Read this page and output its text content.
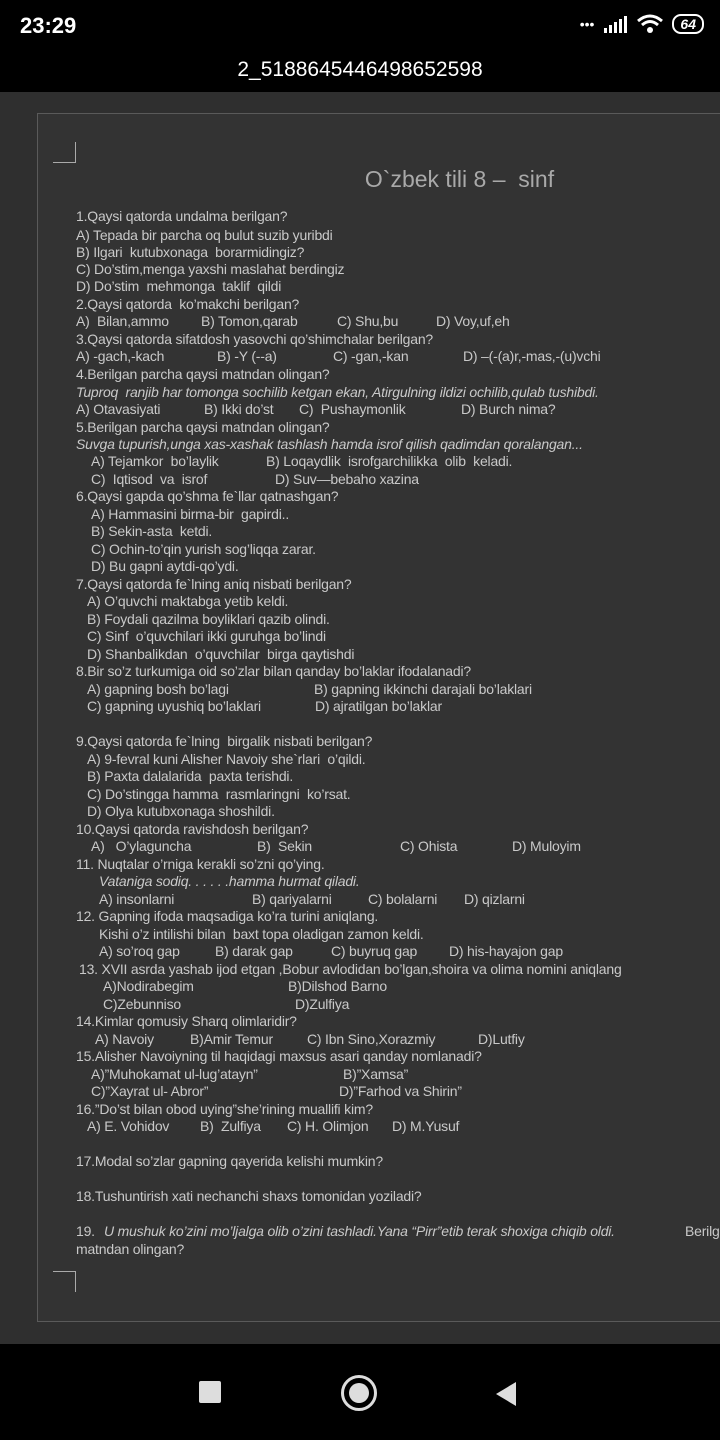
23:29	•••	64
2_5188645446498652598
O`zbek tili 8 –  sinf
1.Qaysi qatorda undalma berilgan?
A) Tepada bir parcha oq bulut suzib yuribdi
B) Ilgari  kutubxonaga  borarmidingiz?
C) Do’stim,menga yaxshi maslahat berdingiz
D) Do’stim  mehmonga  taklif  qildi
2.Qaysi qatorda  ko’makchi berilgan?
A)  Bilan,ammo B) Tomon,qarab	C) Shu,bu	D) Voy,uf,eh
3.Qaysi qatorda sifatdosh yasovchi qo’shimchalar berilgan?
A) -gach,-kach	B) -Y (--a)	C) -gan,-kan	D) –(-(a)r,-mas,-(u)vchi
4.Berilgan parcha qaysi matndan olingan?
Tuproq  ranjib har tomonga sochilib ketgan ekan, Atirgulning ildizi ochilib,qulab tushibdi.
A) Otavasiyati	B) Ikki do’st C)  Pushaymonlik	D) Burch nima?
5.Berilgan parcha qaysi matndan olingan?
Suvga tupurish,unga xas-xashak tashlash hamda isrof qilish qadimdan qoralangan...
A) Tejamkor  bo’laylik	B) Loqaydlik  isrofgarchilikka  olib  keladi.
C)  Iqtisod  va  isrof	D) Suv—bebaho xazina
6.Qaysi gapda qo’shma fe`llar qatnashgan?
A) Hammasini birma-bir  gapirdi..
B) Sekin-asta  ketdi.
C) Ochin-to’qin yurish sog’liqqa zarar.
D) Bu gapni aytdi-qo’ydi.
7.Qaysi qatorda fe`lning aniq nisbati berilgan?
A) O’quvchi maktabga yetib keldi.
B) Foydali qazilma boyliklari qazib olindi.
C) Sinf  o’quvchilari ikki guruhga bo’lindi
D) Shanbalikdan  o’quvchilar  birga qaytishdi
8.Bir so’z turkumiga oid so’zlar bilan qanday bo’laklar ifodalanadi?
A) gapning bosh bo’lagi	B) gapning ikkinchi darajali bo’laklari
C) gapning uyushiq bo’laklari	D) ajratilgan bo’laklar
9.Qaysi qatorda fe`lning  birgalik nisbati berilgan?
A) 9-fevral kuni Alisher Navoiy she`rlari  o’qildi.
B) Paxta dalalarida  paxta terishdi.
C) Do’stingga hamma  rasmlaringni  ko’rsat.
D) Olya kutubxonaga shoshildi.
10.Qaysi qatorda ravishdosh berilgan?
A)   O’ylaguncha	B)  Sekin	C) Ohista	D) Muloyim
11. Nuqtalar o’rniga kerakli so’zni qo’ying.
Vataniga sodiq. . . . . .hamma hurmat qiladi.
A) insonlarni	B) qariyalarni	C) bolalarni D) qizlarni
12. Gapning ifoda maqsadiga ko’ra turini aniqlang.
Kishi o’z intilishi bilan  baxt topa oladigan zamon keldi.
A) so’roq gap	B) darak gap	C) buyruq gap D) his-hayajon gap
13. XVII asrda yashab ijod etgan ,Bobur avlodidan bo’lgan,shoira va olima nomini aniqlang
A)Nodirabegim	B)Dilshod Barno
C)Zebunniso	D)Zulfiya
14.Kimlar qomusiy Sharq olimlaridir?
A) Navoiy	B)Amir Temur C) Ibn Sino,Xorazmiy	D)Lutfiy
15.Alisher Navoiyning til haqidagi maxsus asari qanday nomlanadi?
A)”Muhokamat ul-lug’atayn”	B)”Xamsa”
C)”Xayrat ul- Abror”	D)”Farhod va Shirin”
16.”Do’st bilan obod uying”she’rining muallifi kim?
A) E. Vohidov B)  Zulfiya C) H. Olimjon D) M.Yusuf
17.Modal so’zlar gapning qayerida kelishi mumkin?
18.Tushuntirish xati nechanchi shaxs tomonidan yoziladi?
19. U mushuk ko’zini mo’ljalga olib o’zini tashladi.Yana “Pirr”etib terak shoxiga chiqib oldi.	Berilg
matndan olingan?
